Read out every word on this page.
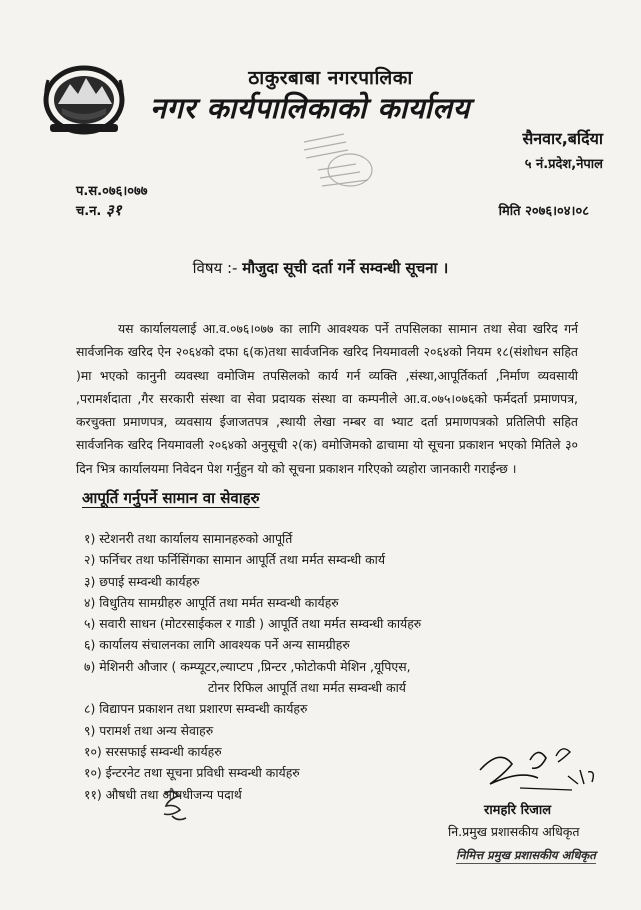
ठाकुरबाबा नगरपालिका
नगर कार्यपालिकाको कार्यालय
सैनवार,बर्दिया
५ नं.प्रदेश,नेपाल
प.स.०७६।०७७
च.न. ३१	मिति २०७६।०४।०८
विषय :- मौजुदा सूची दर्ता गर्ने सम्वन्धी सूचना ।
यस कार्यालयलाई आ.व.०७६।०७७ का लागि आवश्यक पर्ने तपसिलका सामान तथा सेवा खरिद गर्न सार्वजनिक खरिद ऐन २०६४को दफा ६(क)तथा सार्वजनिक खरिद नियमावली २०६४को नियम १८(संशोधन सहित )मा भएको कानुनी व्यवस्था वमोजिम तपसिलको कार्य गर्न व्यक्ति ,संस्था,आपूर्तिकर्ता ,निर्माण व्यवसायी ,परामर्शदाता ,गैर सरकारी संस्था वा सेवा प्रदायक संस्था वा कम्पनीले आ.व.०७५।०७६को फर्मदर्ता प्रमाणपत्र, करचुक्ता प्रमाणपत्र, व्यवसाय ईजाजतपत्र ,स्थायी लेखा नम्बर वा भ्याट दर्ता प्रमाणपत्रको प्रतिलिपी सहित सार्वजनिक खरिद नियमावली २०६४को अनुसूची २(क) वमोजिमको ढाचामा यो सूचना प्रकाशन भएको मितिले ३० दिन भित्र कार्यालयमा निवेदन पेश गर्नुहुन यो को सूचना प्रकाशन गरिएको व्यहोरा जानकारी गराईन्छ ।
आपूर्ति गर्नुपर्ने सामान वा सेवाहरु
१) स्टेशनरी तथा कार्यालय सामानहरुको आपूर्ति
२) फर्निचर तथा फर्निसिंगका सामान आपूर्ति तथा मर्मत सम्वन्धी कार्य
३) छपाई सम्वन्धी कार्यहरु
४) विधुतिय सामग्रीहरु आपूर्ति तथा मर्मत सम्वन्धी कार्यहरु
५) सवारी साधन (मोटरसाईकल र गाडी ) आपूर्ति तथा मर्मत सम्वन्धी कार्यहरु
६) कार्यालय संचालनका लागि आवश्यक पर्ने अन्य सामग्रीहरु
७) मेशिनरी औजार ( कम्प्यूटर,ल्याप्टप ,प्रिन्टर ,फोटोकपी मेशिन ,यूपिएस,
टोनर रिफिल आपूर्ति तथा मर्मत सम्वन्धी कार्य
८) विद्यापन प्रकाशन तथा प्रशारण सम्वन्धी कार्यहरु
९) परामर्श तथा अन्य सेवाहरु
१०) सरसफाई सम्वन्धी कार्यहरु
१०) ईन्टरनेट तथा सूचना प्रविधी सम्वन्धी कार्यहरु
११) औषधी तथा औषधीजन्य पदार्थ
रामहरि रिजाल
नि.प्रमुख प्रशासकीय अधिकृत
निमित्त प्रमुख प्रशासकीय अधिकृत
